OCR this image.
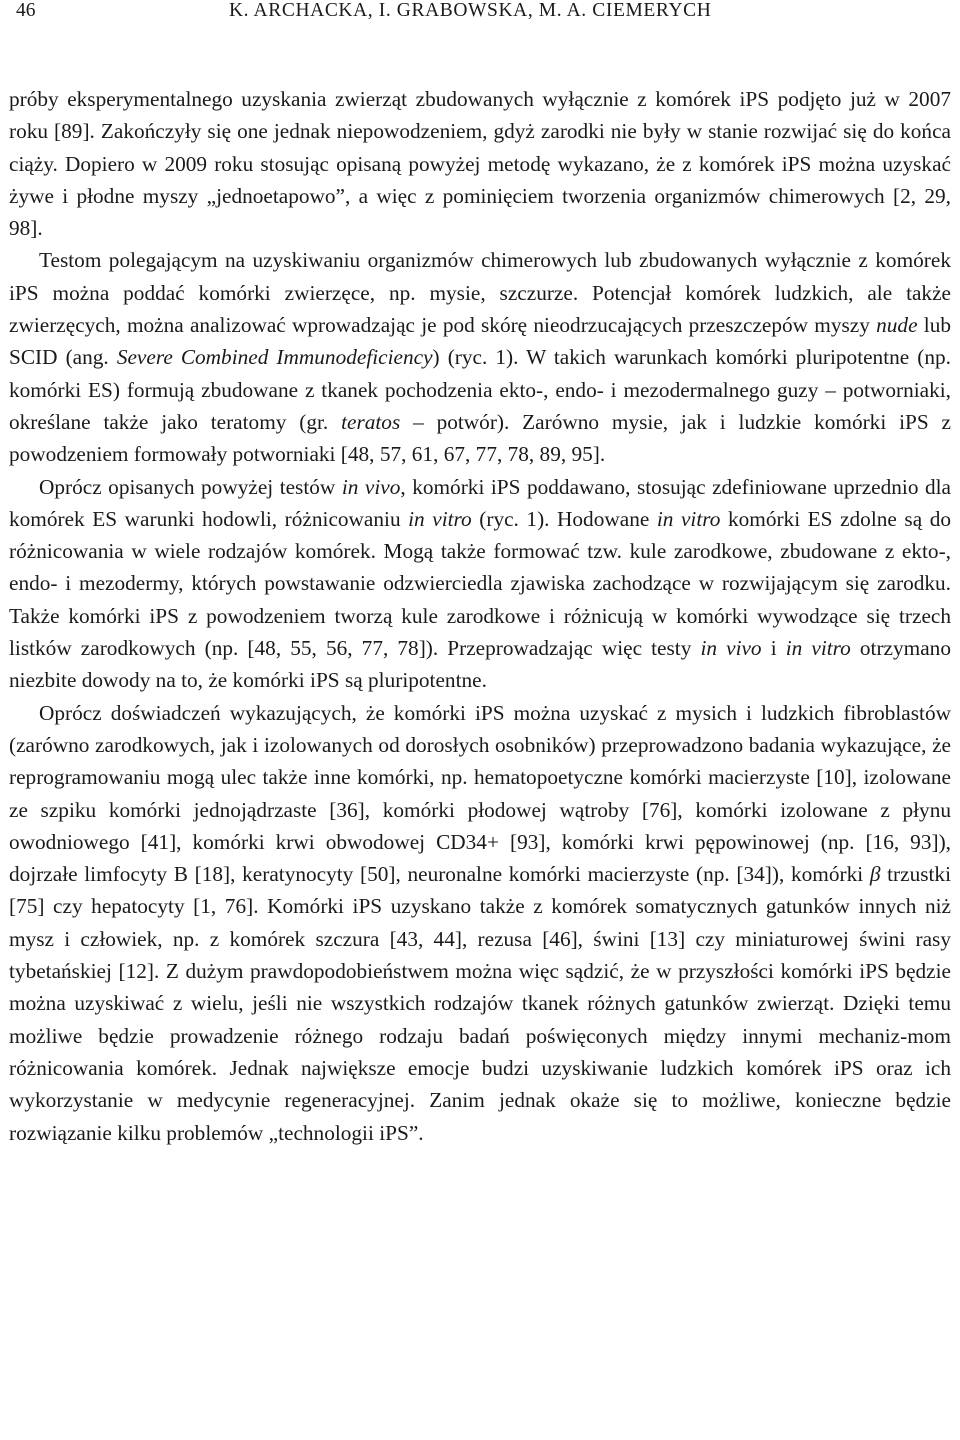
46	K. ARCHACKA, I. GRABOWSKA, M. A. CIEMERYCH

próby eksperymentalnego uzyskania zwierząt zbudowanych wyłącznie z komórek iPS podjęto już w 2007 roku [89]. Zakończyły się one jednak niepowodzeniem, gdyż zarodki nie były w stanie rozwijać się do końca ciąży. Dopiero w 2009 roku stosując opisaną powyżej metodę wykazano, że z komórek iPS można uzyskać żywe i płodne myszy „jednoetapowo”, a więc z pominięciem tworzenia organizmów chimerowych [2, 29, 98].

Testom polegającym na uzyskiwaniu organizmów chimerowych lub zbudowanych wyłącznie z komórek iPS można poddać komórki zwierzęce, np. mysie, szczurze. Potencjał komórek ludzkich, ale także zwierzęcych, można analizować wprowadzając je pod skórę nieodrzucających przeszczepów myszy nude lub SCID (ang. Severe Combined Immunodeficiency) (ryc. 1). W takich warunkach komórki pluripotentne (np. komórki ES) formują zbudowane z tkanek pochodzenia ekto-, endo- i mezodermalnego guzy – potworniaki, określane także jako teratomy (gr. teratos – potwór). Zarówno mysie, jak i ludzkie komórki iPS z powodzeniem formowały potworniaki [48, 57, 61, 67, 77, 78, 89, 95].

Oprócz opisanych powyżej testów in vivo, komórki iPS poddawano, stosując zdefiniowane uprzednio dla komórek ES warunki hodowli, różnicowaniu in vitro (ryc. 1). Hodowane in vitro komórki ES zdolne są do różnicowania w wiele rodzajów komórek. Mogą także formować tzw. kule zarodkowe, zbudowane z ekto-, endo- i mezodermy, których powstawanie odzwierciedla zjawiska zachodzące w rozwijającym się zarodku. Także komórki iPS z powodzeniem tworzą kule zarodkowe i różnicują w komórki wywodzące się trzech listków zarodkowych (np. [48, 55, 56, 77, 78]). Przeprowadzając więc testy in vivo i in vitro otrzymano niezbite dowody na to, że komórki iPS są pluripotentne.

Oprócz doświadczeń wykazujących, że komórki iPS można uzyskać z mysich i ludzkich fibroblastów (zarówno zarodkowych, jak i izolowanych od dorosłych osobników) przeprowadzono badania wykazujące, że reprogramowaniu mogą ulec także inne komórki, np. hematopoetyczne komórki macierzyste [10], izolowane ze szpiku komórki jednojądrzaste [36], komórki płodowej wątroby [76], komórki izolowane z płynu owodniowego [41], komórki krwi obwodowej CD34+ [93], komórki krwi pępowinowej (np. [16, 93]), dojrzałe limfocyty B [18], keratynocyty [50], neuronalne komórki macierzyste (np. [34]), komórki β trzustki [75] czy hepatocyty [1, 76]. Komórki iPS uzyskano także z komórek somatycznych gatunków innych niż mysz i człowiek, np. z komórek szczura [43, 44], rezusa [46], świni [13] czy miniaturowej świni rasy tybetańskiej [12]. Z dużym prawdopodobieństwem można więc sądzić, że w przyszłości komórki iPS będzie można uzyskiwać z wielu, jeśli nie wszystkich rodzajów tkanek różnych gatunków zwierząt. Dzięki temu możliwe będzie prowadzenie różnego rodzaju badań poświęconych między innymi mechaniz-mom różnicowania komórek. Jednak największe emocje budzi uzyskiwanie ludzkich komórek iPS oraz ich wykorzystanie w medycynie regeneracyjnej. Zanim jednak okaże się to możliwe, konieczne będzie rozwiązanie kilku problemów „technologii iPS”.
